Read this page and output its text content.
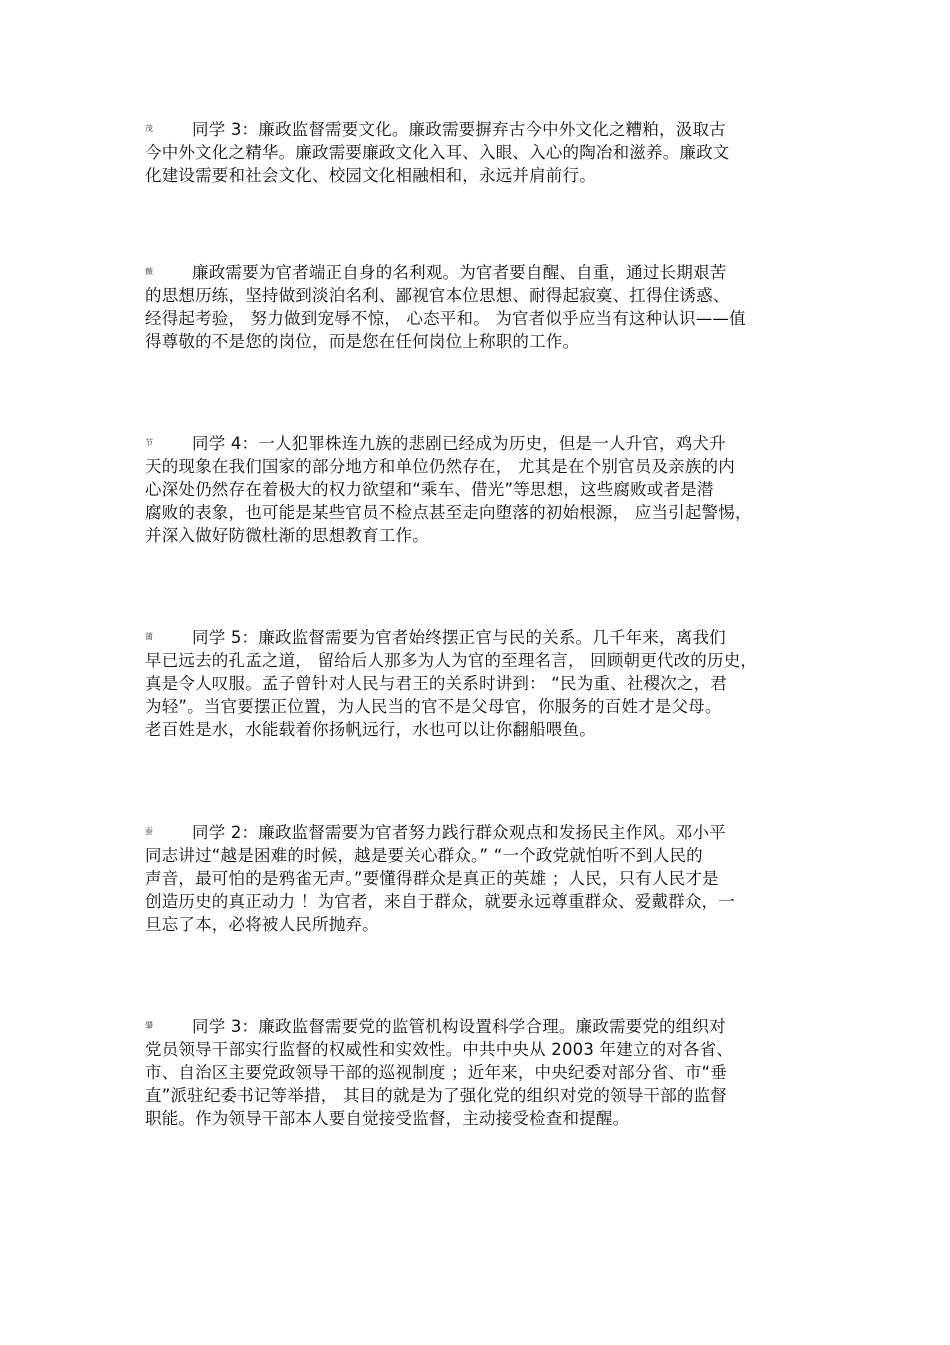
茂	同学 3：廉政监督需要文化。廉政需要摒弃古今中外文化之糟粕，汲取古
今中外文化之精华。廉政需要廉政文化入耳、入眼、入心的陶冶和滋养。廉政文
化建设需要和社会文化、校园文化相融相和，永远并肩前行。
薇	廉政需要为官者端正自身的名利观。为官者要自醒、自重，通过长期艰苦
的思想历练，坚持做到淡泊名利、鄙视官本位思想、耐得起寂寞、扛得住诱惑、
经得起考验， 努力做到宠辱不惊， 心态平和。 为官者似乎应当有这种认识——值
得尊敬的不是您的岗位，而是您在任何岗位上称职的工作。
节	同学 4：一人犯罪株连九族的悲剧已经成为历史，但是一人升官，鸡犬升
天的现象在我们国家的部分地方和单位仍然存在， 尤其是在个别官员及亲族的内
心深处仍然存在着极大的权力欲望和“乘车、借光”等思想，这些腐败或者是潜
腐败的表象，也可能是某些官员不检点甚至走向堕落的初始根源， 应当引起警惕，
并深入做好防微杜渐的思想教育工作。
蒲	同学 5：廉政监督需要为官者始终摆正官与民的关系。几千年来，离我们
早已远去的孔孟之道， 留给后人那多为人为官的至理名言， 回顾朝更代改的历史，
真是令人叹服。孟子曾针对人民与君王的关系时讲到： “民为重、社稷次之，君
为轻”。当官要摆正位置，为人民当的官不是父母官，你服务的百姓才是父母。
老百姓是水，水能载着你扬帆远行，水也可以让你翻船喂鱼。
蚕	同学 2：廉政监督需要为官者努力践行群众观点和发扬民主作风。邓小平
同志讲过“越是困难的时候，越是要关心群众。” “一个政党就怕听不到人民的
声音，最可怕的是鸦雀无声。”要懂得群众是真正的英雄 ；人民，只有人民才是
创造历史的真正动力 ！为官者，来自于群众，就要永远尊重群众、爱戴群众，一
旦忘了本，必将被人民所抛弃。
肈	同学 3：廉政监督需要党的监管机构设置科学合理。廉政需要党的组织对
党员领导干部实行监督的权威性和实效性。中共中央从 2003 年建立的对各省、
市、自治区主要党政领导干部的巡视制度 ；近年来，中央纪委对部分省、市“垂
直”派驻纪委书记等举措， 其目的就是为了强化党的组织对党的领导干部的监督
职能。作为领导干部本人要自觉接受监督，主动接受检查和提醒。
